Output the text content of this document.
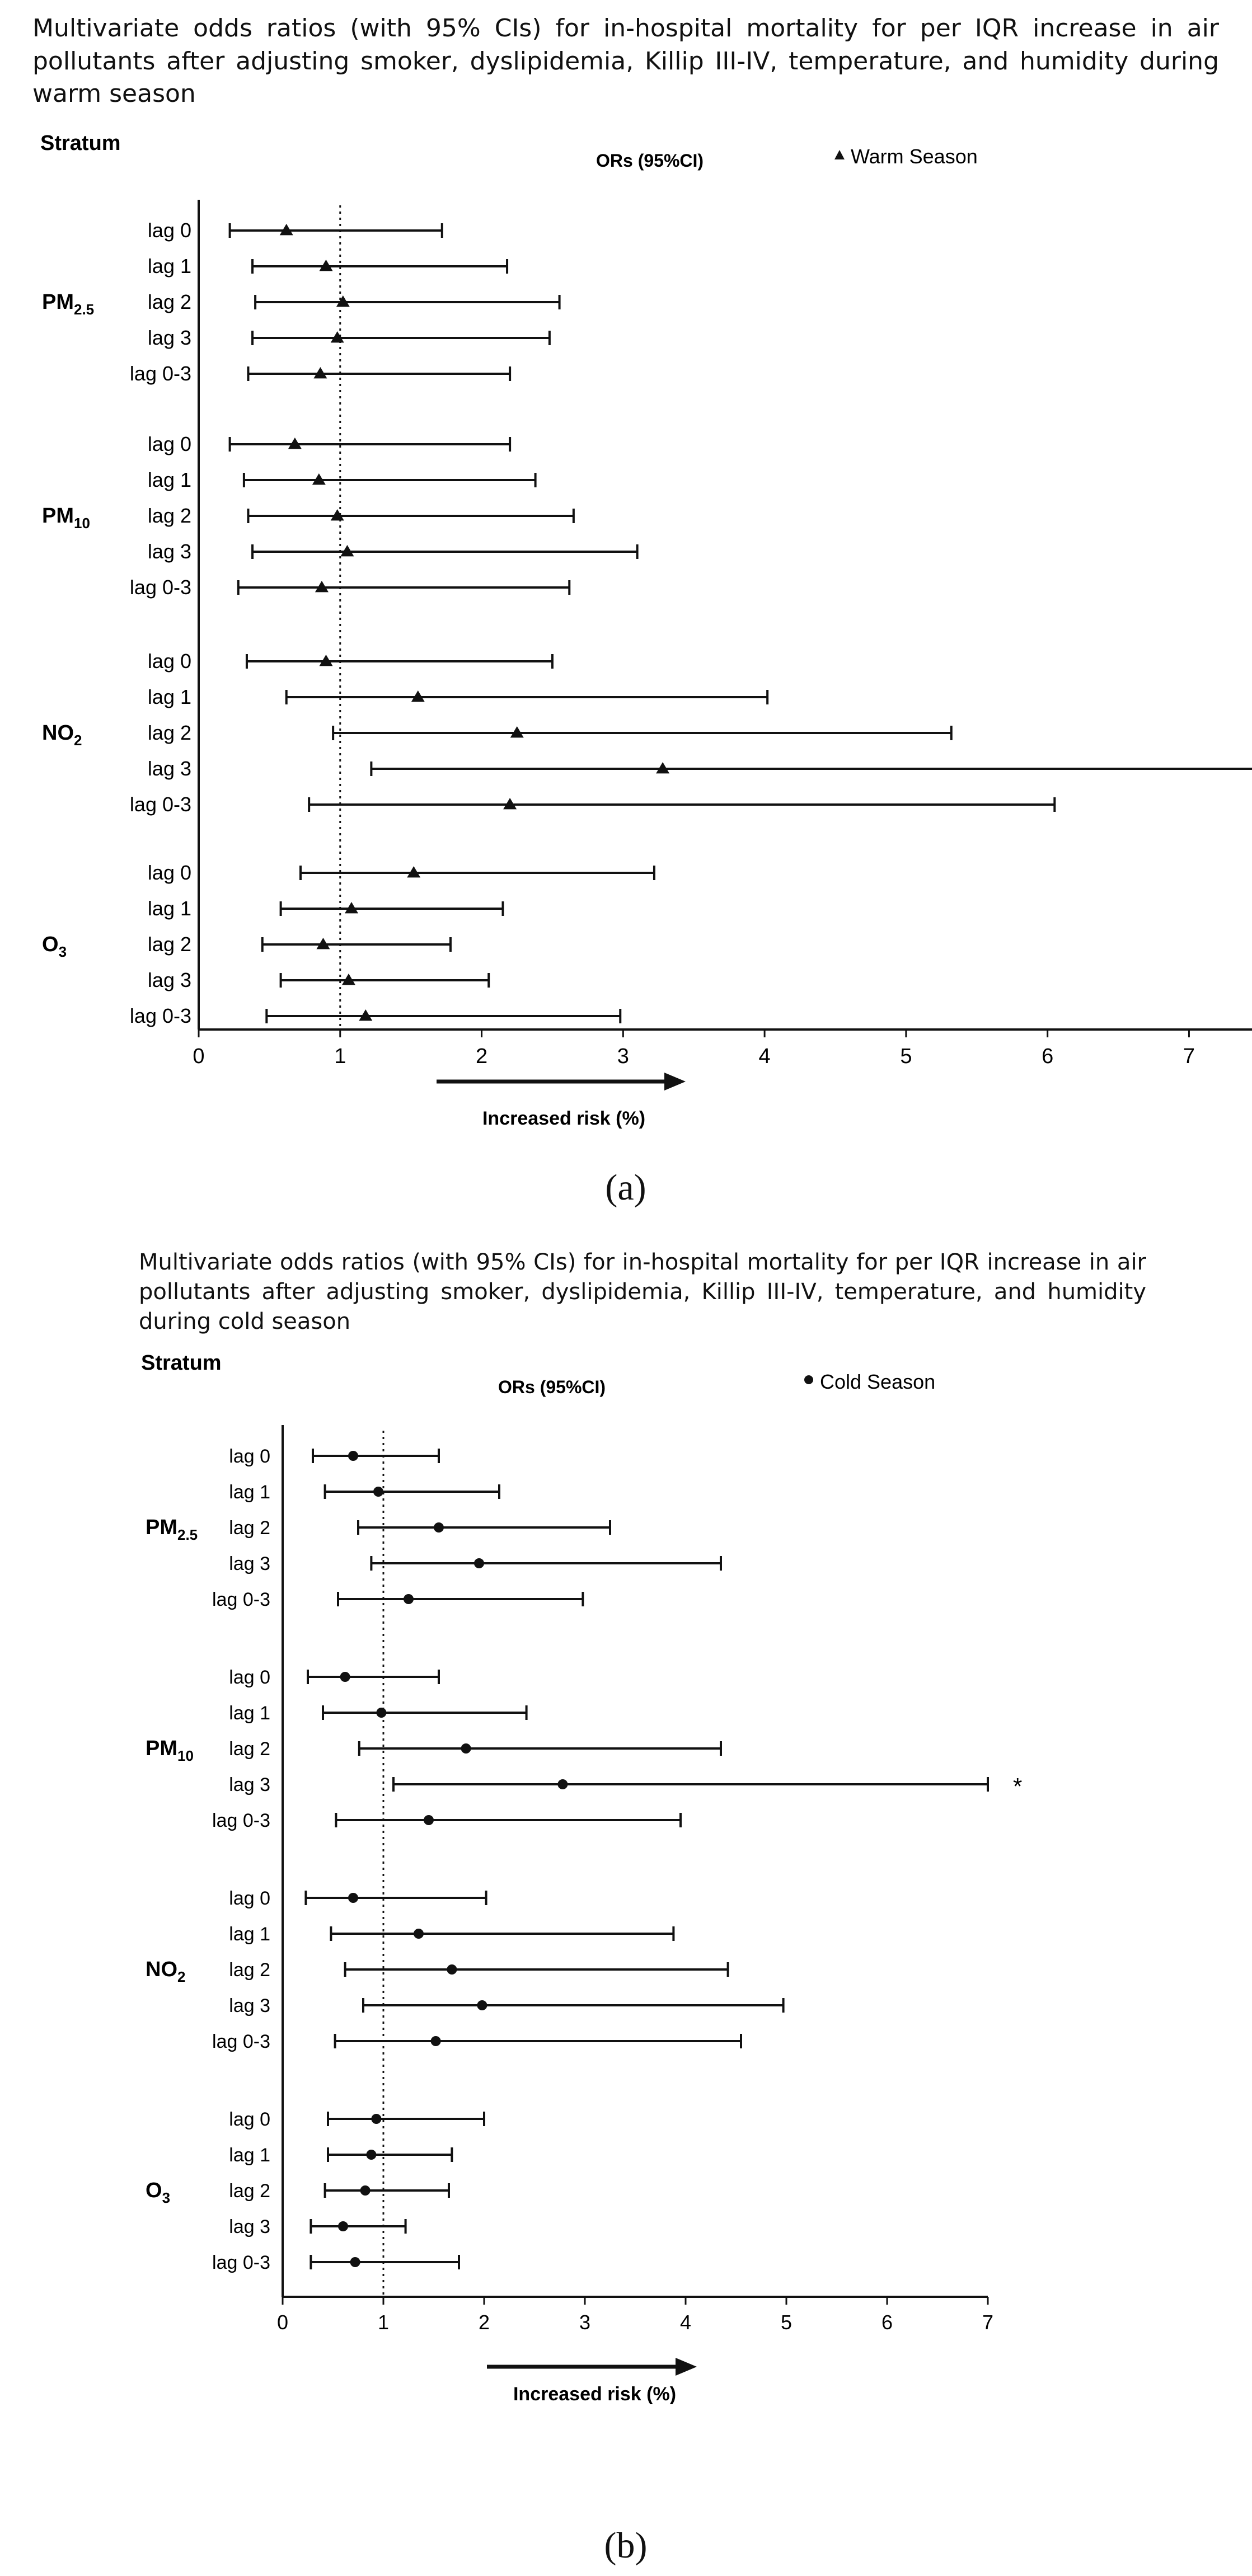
Multivariate odds ratios (with 95% CIs) for in-hospital mortality for per IQR increase in air pollutants after adjusting smoker, dyslipidemia, Killip III-IV, temperature, and humidity during warm season
Stratum
ORs (95%CI)	Warm Season
0	1	2	3	4	5	6	7
$PM_{2.5}$
lag 0
lag 1
lag 2
lag 3
lag 0-3
$PM_{10}$
lag 0
lag 1
lag 2
lag 3
lag 0-3
$NO_2$
lag 0
lag 1
lag 2
lag 3
lag 0-3
$O_3$
lag 0
lag 1
lag 2
lag 3
lag 0-3
Increased risk (%)
(a)
Multivariate odds ratios (with 95% CIs) for in-hospital mortality for per IQR increase in air pollutants after adjusting smoker, dyslipidemia, Killip III-IV, temperature, and humidity during cold season
Stratum
ORs (95%CI)	Cold Season
0	1	2	3	4	5	6	7
$PM_{2.5}$
lag 0
lag 1
lag 2
lag 3
lag 0-3
$PM_{10}$
lag 0
lag 1
lag 2
lag 3	*
lag 0-3
$NO_2$
lag 0
lag 1
lag 2
lag 3
lag 0-3
$O_3$
lag 0
lag 1
lag 2
lag 3
lag 0-3
Increased risk (%)
(b)
